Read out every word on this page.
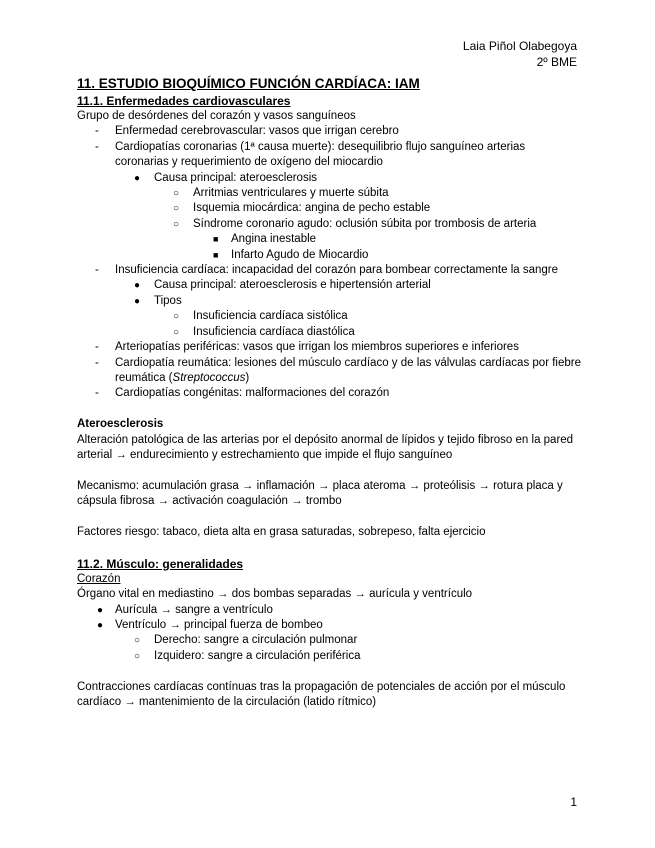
Laia Piñol Olabegoya
2º BME

11. ESTUDIO BIOQUÍMICO FUNCIÓN CARDÍACA: IAM

11.1. Enfermedades cardiovasculares

Grupo de desórdenes del corazón y vasos sanguíneos

- Enfermedad cerebrovascular: vasos que irrigan cerebro
- Cardiopatías coronarias (1ª causa muerte): desequilibrio flujo sanguíneo arterias coronarias y requerimiento de oxígeno del miocardio
● Causa principal: ateroesclerosis
○ Arritmias ventriculares y muerte súbita
○ Isquemia miocárdica: angina de pecho estable
○ Síndrome coronario agudo: oclusión súbita por trombosis de arteria
■ Angina inestable
■ Infarto Agudo de Miocardio
- Insuficiencia cardíaca: incapacidad del corazón para bombear correctamente la sangre
● Causa principal: ateroesclerosis e hipertensión arterial
● Tipos
○ Insuficiencia cardíaca sistólica
○ Insuficiencia cardíaca diastólica
- Arteriopatías periféricas: vasos que irrigan los miembros superiores e inferiores
- Cardiopatía reumática: lesiones del músculo cardíaco y de las válvulas cardíacas por fiebre reumática (Streptococcus)
- Cardiopatías congénitas: malformaciones del corazón

Ateroesclerosis

Alteración patológica de las arterias por el depósito anormal de lípidos y tejido fibroso en la pared arterial → endurecimiento y estrechamiento que impide el flujo sanguíneo

Mecanismo: acumulación grasa → inflamación → placa ateroma → proteólisis → rotura placa y cápsula fibrosa → activación coagulación → trombo

Factores riesgo: tabaco, dieta alta en grasa saturadas, sobrepeso, falta ejercicio

11.2. Músculo: generalidades

Corazón

Órgano vital en mediastino → dos bombas separadas → aurícula y ventrículo

● Aurícula → sangre a ventrículo
● Ventrículo → principal fuerza de bombeo
○ Derecho: sangre a circulación pulmonar
○ Izquidero: sangre a circulación periférica

Contracciones cardíacas contínuas tras la propagación de potenciales de acción por el músculo cardíaco → mantenimiento de la circulación (latido rítmico)

1
